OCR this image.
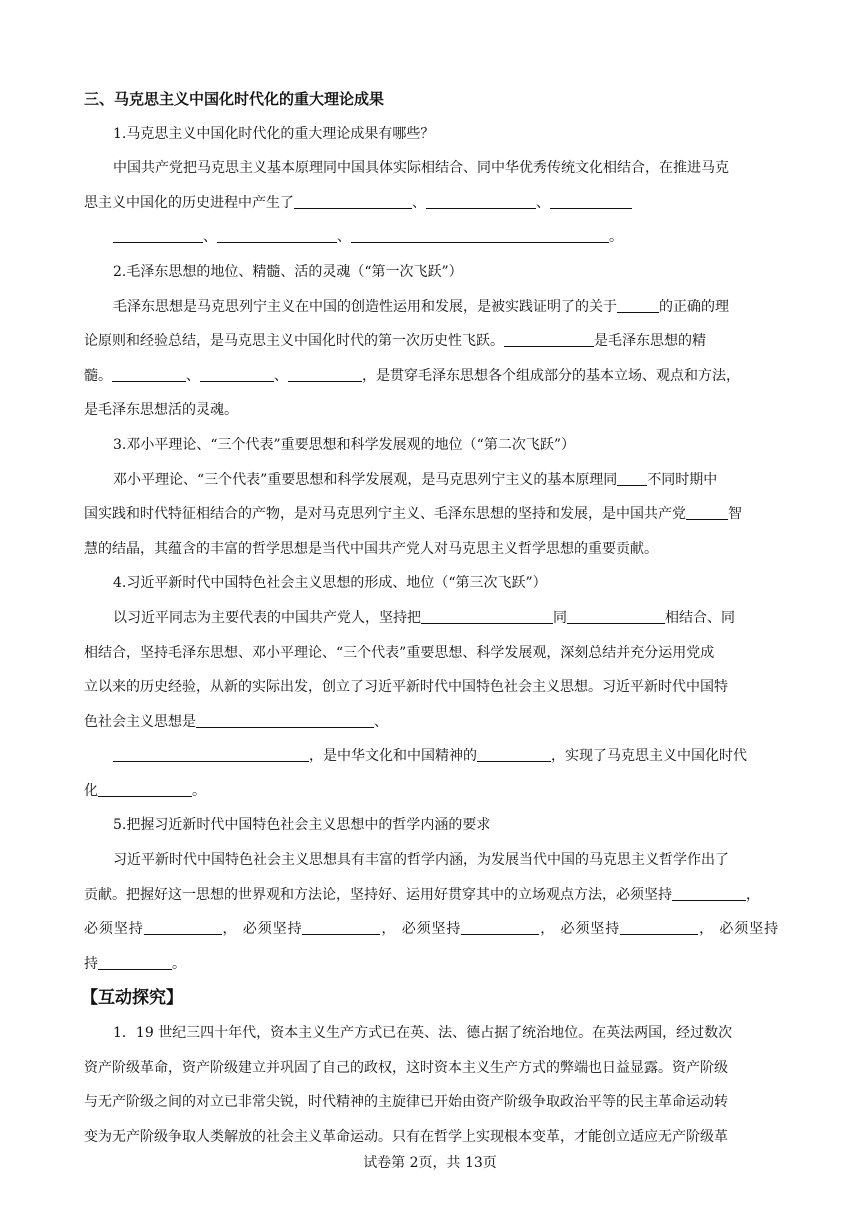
三、马克思主义中国化时代化的重大理论成果
1.马克思主义中国化时代化的重大理论成果有哪些？
中国共产党把马克思主义基本原理同中国具体实际相结合、同中华优秀传统文化相结合，在推进马克
思主义中国化的历史进程中产生了	、	、
、	、	。
2.毛泽东思想的地位、精髓、活的灵魂（“第一次飞跃”）
毛泽东思想是马克思列宁主义在中国的创造性运用和发展，是被实践证明了的关于	的正确的理
论原则和经验总结，是马克思主义中国化时代的第一次历史性飞跃。	是毛泽东思想的精
髓。	、	、	，是贯穿毛泽东思想各个组成部分的基本立场、观点和方法，
是毛泽东思想活的灵魂。
3.邓小平理论、“三个代表”重要思想和科学发展观的地位（“第二次飞跃”）
邓小平理论、“三个代表”重要思想和科学发展观，是马克思列宁主义的基本原理同 不同时期中
国实践和时代特征相结合的产物，是对马克思列宁主义、毛泽东思想的坚持和发展，是中国共产党	智
慧的结晶，其蕴含的丰富的哲学思想是当代中国共产党人对马克思主义哲学思想的重要贡献。
4.习近平新时代中国特色社会主义思想的形成、地位（“第三次飞跃”）
以习近平同志为主要代表的中国共产党人，坚持把	同	相结合、同
相结合，坚持毛泽东思想、邓小平理论、“三个代表”重要思想、科学发展观，深刻总结并充分运用党成
立以来的历史经验，从新的实际出发，创立了习近平新时代中国特色社会主义思想。习近平新时代中国特
色社会主义思想是	、
，是中华文化和中国精神的	，实现了马克思主义中国化时代
化	。
5.把握习近新时代中国特色社会主义思想中的哲学内涵的要求
习近平新时代中国特色社会主义思想具有丰富的哲学内涵，为发展当代中国的马克思主义哲学作出了
贡献。把握好这一思想的世界观和方法论，坚持好、运用好贯穿其中的立场观点方法，必须坚持	，
必须坚持	， 必须坚持	， 必须坚持	， 必须坚持	， 必须坚持
持	。
【互动探究】
1．19 世纪三四十年代，资本主义生产方式已在英、法、德占据了统治地位。在英法两国，经过数次
资产阶级革命，资产阶级建立并巩固了自己的政权，这时资本主义生产方式的弊端也日益显露。资产阶级
与无产阶级之间的对立已非常尖锐，时代精神的主旋律已开始由资产阶级争取政治平等的民主革命运动转
变为无产阶级争取人类解放的社会主义革命运动。只有在哲学上实现根本变革，才能创立适应无产阶级革
试卷第 2页，共 13页
